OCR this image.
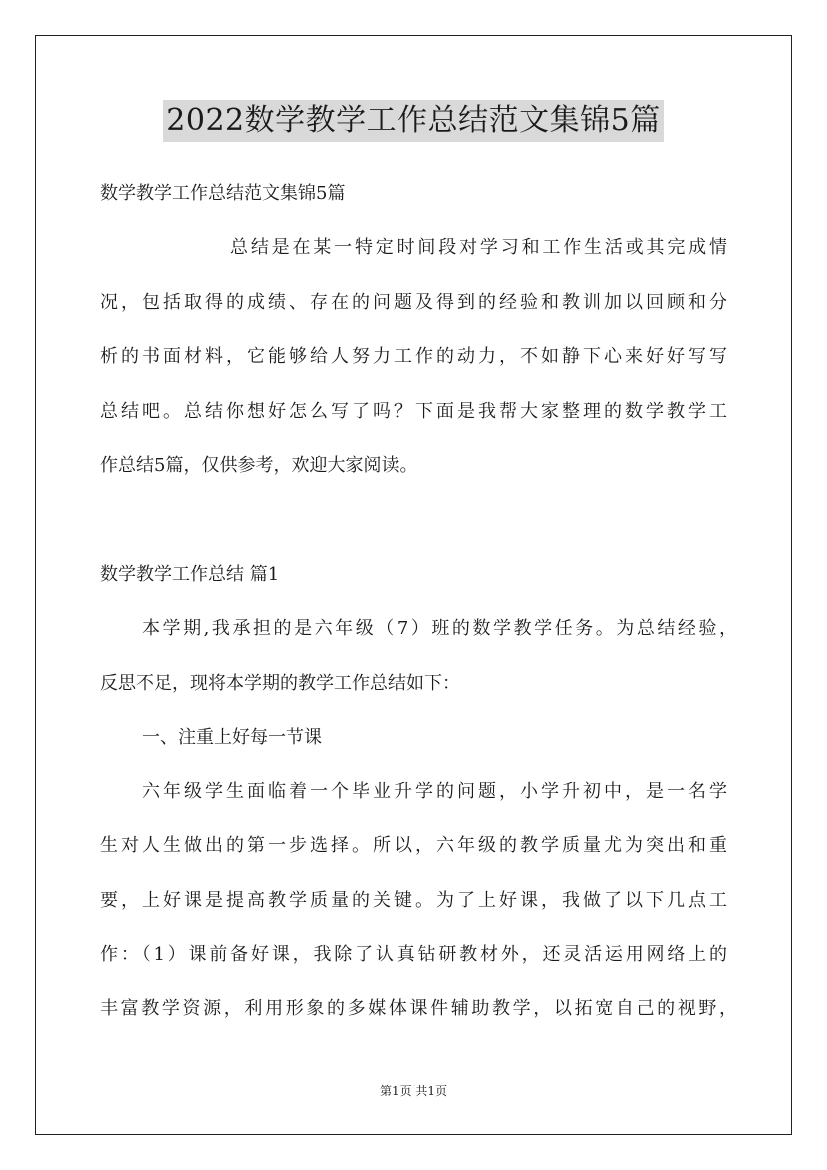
2022数学教学工作总结范文集锦5篇
数学教学工作总结范文集锦5篇
总结是在某一特定时间段对学习和工作生活或其完成情
况，包括取得的成绩、存在的问题及得到的经验和教训加以回顾和分
析的书面材料，它能够给人努力工作的动力，不如静下心来好好写写
总结吧。总结你想好怎么写了吗？下面是我帮大家整理的数学教学工
作总结5篇，仅供参考，欢迎大家阅读。
数学教学工作总结 篇1
本学期,我承担的是六年级（7）班的数学教学任务。为总结经验，
反思不足，现将本学期的教学工作总结如下：
一、注重上好每一节课
六年级学生面临着一个毕业升学的问题，小学升初中，是一名学
生对人生做出的第一步选择。所以，六年级的教学质量尤为突出和重
要，上好课是提高教学质量的关键。为了上好课，我做了以下几点工
作：（1）课前备好课，我除了认真钻研教材外，还灵活运用网络上的
丰富教学资源，利用形象的多媒体课件辅助教学，以拓宽自己的视野，
第1页 共1页
